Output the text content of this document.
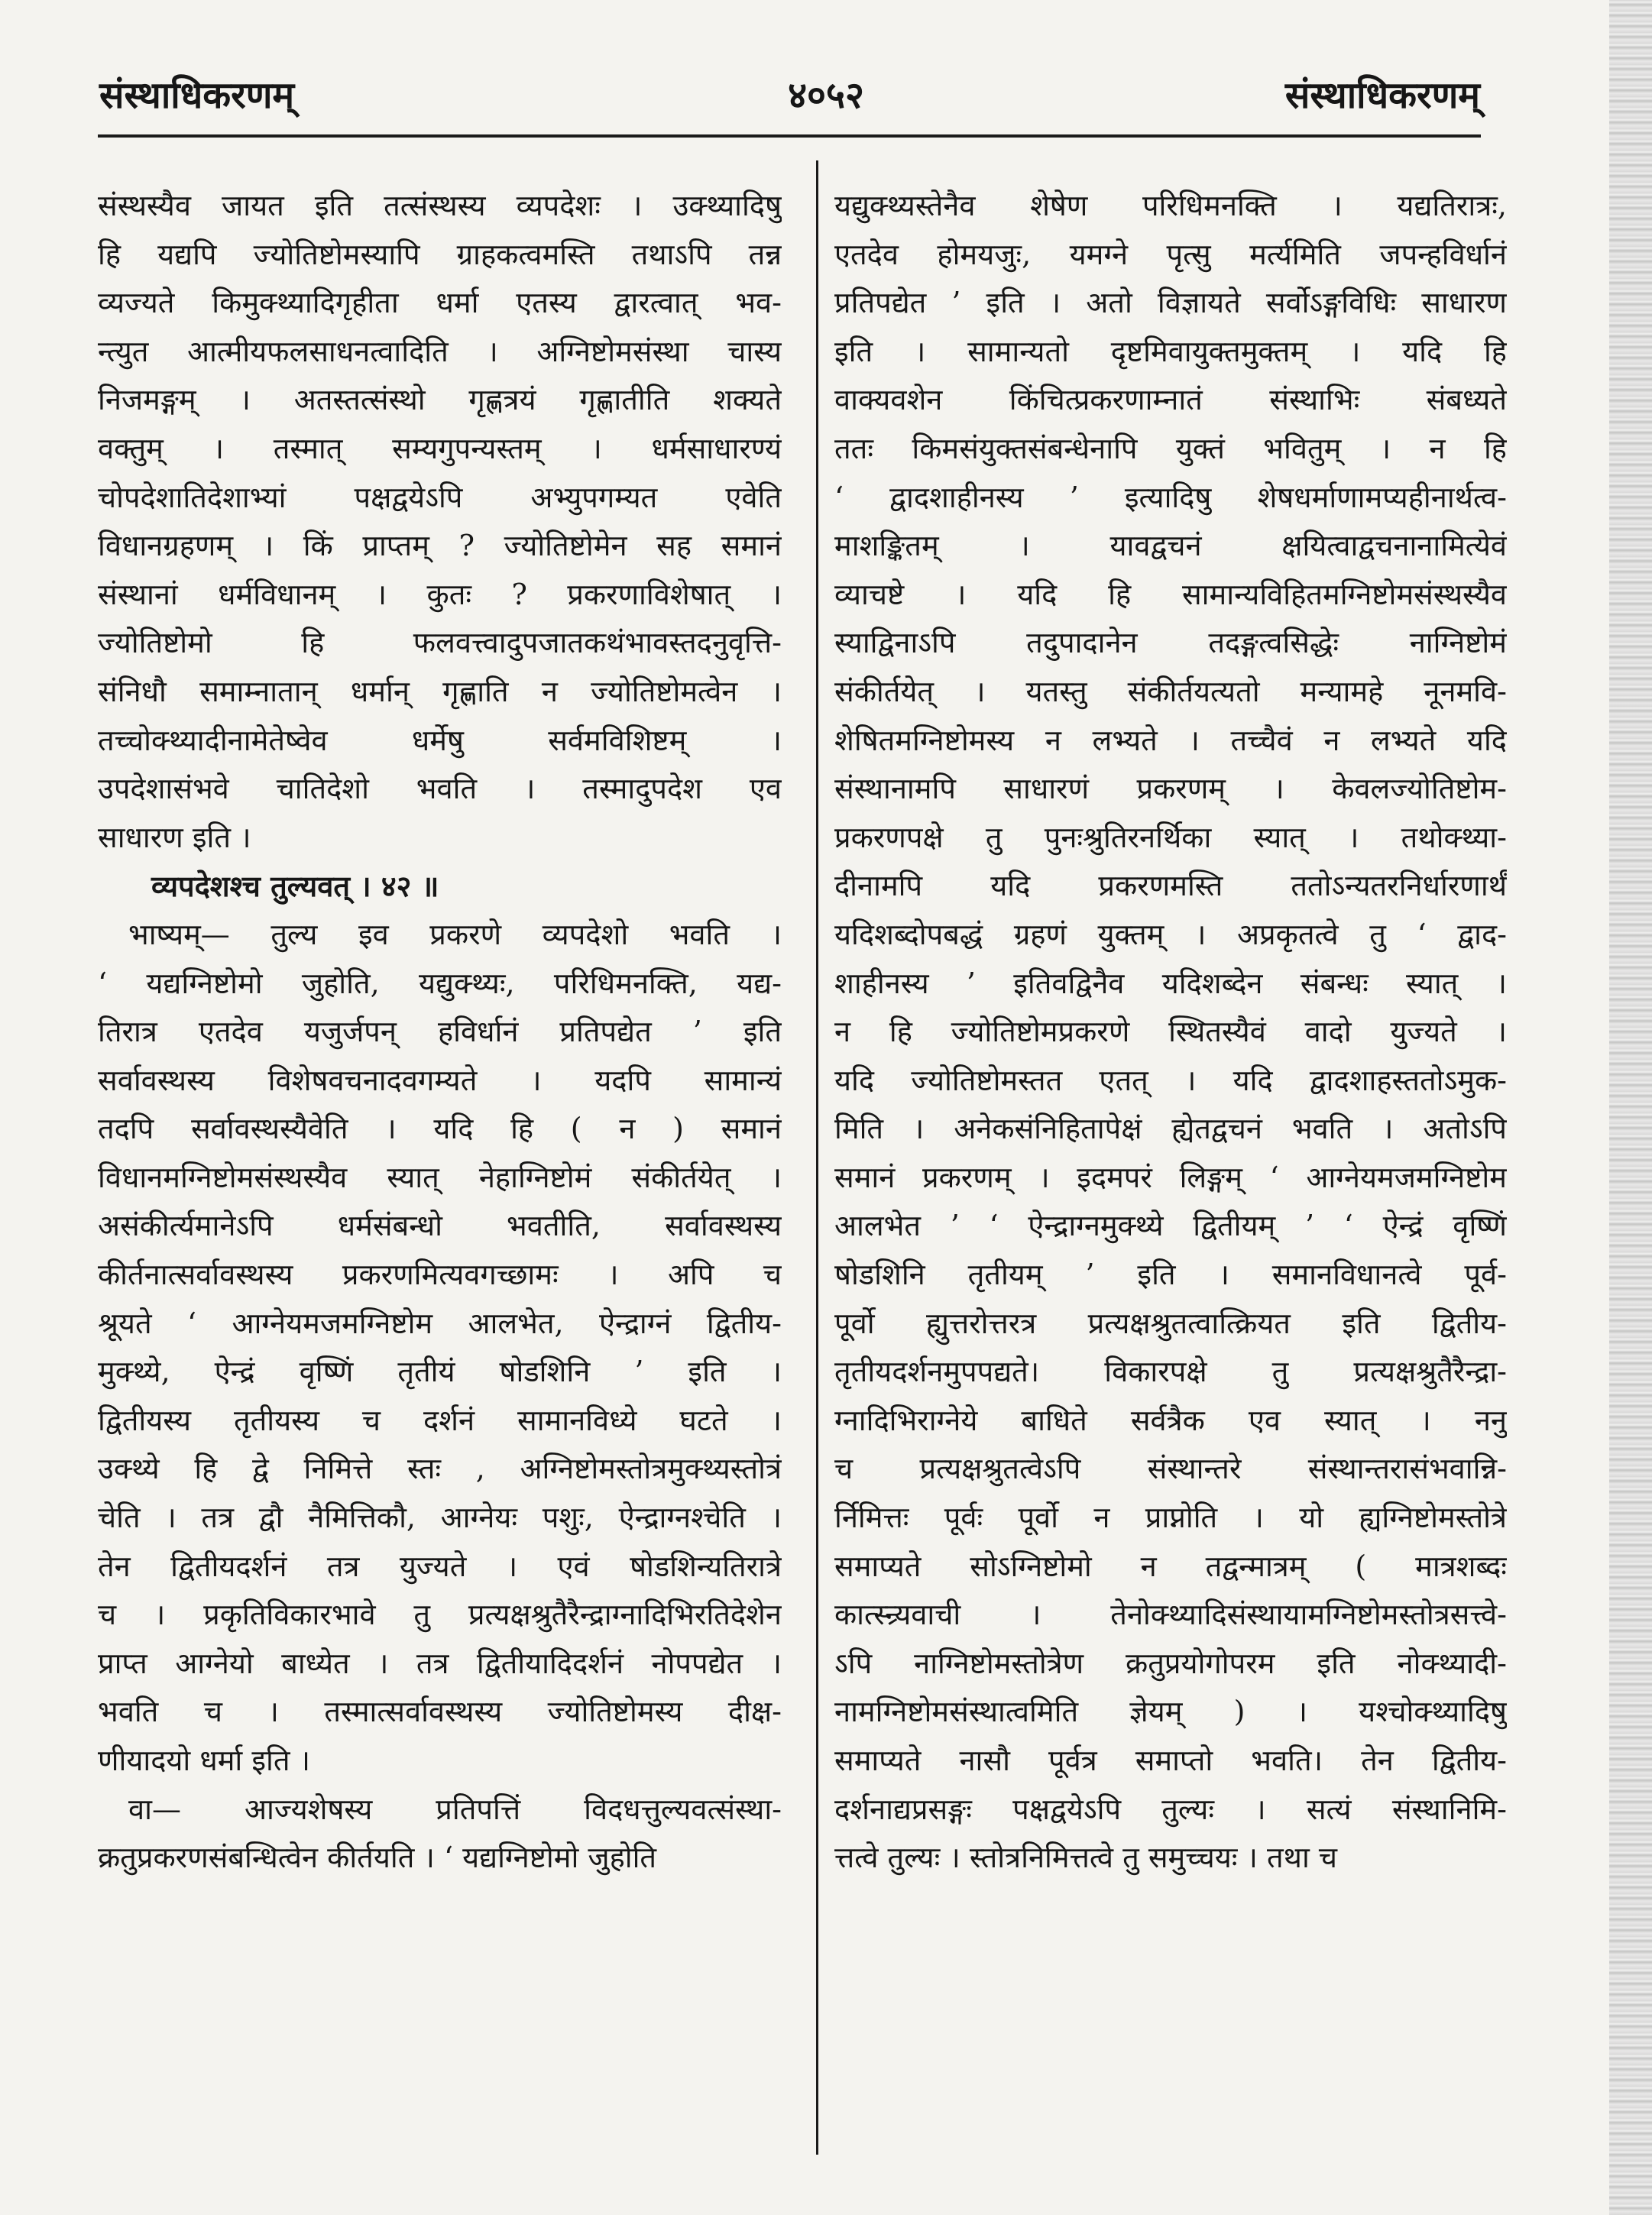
संस्थाधिकरणम्	४०५२	संस्थाधिकरणम्
संस्थस्यैव जायत इति तत्संस्थस्य व्यपदेशः । उक्थ्यादिषु
हि यद्यपि ज्योतिष्टोमस्यापि ग्राहकत्वमस्ति तथाऽपि तन्न
व्यज्यते किमुक्थ्यादिगृहीता धर्मा एतस्य द्वारत्वात् भव-
न्त्युत आत्मीयफलसाधनत्वादिति । अग्निष्टोमसंस्था चास्य
निजमङ्गम् । अतस्तत्संस्थो गृह्णत्रयं गृह्णातीति शक्यते
वक्तुम् । तस्मात् सम्यगुपन्यस्तम् । धर्मसाधारण्यं
चोपदेशातिदेशाभ्यां पक्षद्वयेऽपि अभ्युपगम्यत एवेति
विधानग्रहणम् । किं प्राप्तम् ? ज्योतिष्टोमेन सह समानं
संस्थानां धर्मविधानम् । कुतः ? प्रकरणाविशेषात् ।
ज्योतिष्टोमो हि फलवत्त्वादुपजातकथंभावस्तदनुवृत्ति-
संनिधौ समाम्नातान् धर्मान् गृह्णाति न ज्योतिष्टोमत्वेन ।
तच्चोक्थ्यादीनामेतेष्वेव धर्मेषु सर्वमविशिष्टम् ।
उपदेशासंभवे चातिदेशो भवति । तस्मादुपदेश एव
साधारण इति ।
व्यपदेशश्च तुल्यवत् । ४२ ॥
भाष्यम्— तुल्य इव प्रकरणे व्यपदेशो भवति ।
‘ यद्यग्निष्टोमो जुहोति, यद्युक्थ्यः, परिधिमनक्ति, यद्य-
तिरात्र एतदेव यजुर्जपन् हविर्धानं प्रतिपद्येत ’ इति
सर्वावस्थस्य विशेषवचनादवगम्यते । यदपि सामान्यं
तदपि सर्वावस्थस्यैवेति । यदि हि ( न ) समानं
विधानमग्निष्टोमसंस्थस्यैव स्यात् नेहाग्निष्टोमं संकीर्तयेत् ।
असंकीर्त्यमानेऽपि धर्मसंबन्धो भवतीति, सर्वावस्थस्य
कीर्तनात्सर्वावस्थस्य प्रकरणमित्यवगच्छामः । अपि च
श्रूयते ‘ आग्नेयमजमग्निष्टोम आलभेत, ऐन्द्राग्नं द्वितीय-
मुक्थ्ये, ऐन्द्रं वृष्णिं तृतीयं षोडशिनि ’ इति ।
द्वितीयस्य तृतीयस्य च दर्शनं सामानविध्ये घटते ।
उक्थ्ये हि द्वे निमित्ते स्तः , अग्निष्टोमस्तोत्रमुक्थ्यस्तोत्रं
चेति । तत्र द्वौ नैमित्तिकौ, आग्नेयः पशुः, ऐन्द्राग्नश्चेति ।
तेन द्वितीयदर्शनं तत्र युज्यते । एवं षोडशिन्यतिरात्रे
च । प्रकृतिविकारभावे तु प्रत्यक्षश्रुतैरैन्द्राग्नादिभिरतिदेशेन
प्राप्त आग्नेयो बाध्येत । तत्र द्वितीयादिदर्शनं नोपपद्येत ।
भवति च । तस्मात्सर्वावस्थस्य ज्योतिष्टोमस्य दीक्ष-
णीयादयो धर्मा इति ।
वा— आज्यशेषस्य प्रतिपत्तिं विदधत्तुल्यवत्संस्था-
क्रतुप्रकरणसंबन्धित्वेन कीर्तयति । ‘ यद्यग्निष्टोमो जुहोति
यद्युक्थ्यस्तेनैव शेषेण परिधिमनक्ति । यद्यतिरात्रः,
एतदेव होमयजुः, यमग्ने पृत्सु मर्त्यमिति जपन्हविर्धानं
प्रतिपद्येत ’ इति । अतो विज्ञायते सर्वोऽङ्गविधिः साधारण
इति । सामान्यतो दृष्टमिवायुक्तमुक्तम् । यदि हि
वाक्यवशेन किंचित्प्रकरणाम्नातं संस्थाभिः संबध्यते
ततः किमसंयुक्तसंबन्धेनापि युक्तं भवितुम् । न हि
‘ द्वादशाहीनस्य ’ इत्यादिषु शेषधर्माणामप्यहीनार्थत्व-
माशङ्कितम् । यावद्वचनं क्षयित्वाद्वचनानामित्येवं
व्याचष्टे । यदि हि सामान्यविहितमग्निष्टोमसंस्थस्यैव
स्याद्विनाऽपि तदुपादानेन तदङ्गत्वसिद्धेः नाग्निष्टोमं
संकीर्तयेत् । यतस्तु संकीर्तयत्यतो मन्यामहे नूनमवि-
शेषितमग्निष्टोमस्य न लभ्यते । तच्चैवं न लभ्यते यदि
संस्थानामपि साधारणं प्रकरणम् । केवलज्योतिष्टोम-
प्रकरणपक्षे तु पुनःश्रुतिरनर्थिका स्यात् । तथोक्थ्या-
दीनामपि यदि प्रकरणमस्ति ततोऽन्यतरनिर्धारणार्थं
यदिशब्दोपबद्धं ग्रहणं युक्तम् । अप्रकृतत्वे तु ‘ द्वाद-
शाहीनस्य ’ इतिवद्विनैव यदिशब्देन संबन्धः स्यात् ।
न हि ज्योतिष्टोमप्रकरणे स्थितस्यैवं वादो युज्यते ।
यदि ज्योतिष्टोमस्तत एतत् । यदि द्वादशाहस्ततोऽमुक-
मिति । अनेकसंनिहितापेक्षं ह्येतद्वचनं भवति । अतोऽपि
समानं प्रकरणम् । इदमपरं लिङ्गम् ‘ आग्नेयमजमग्निष्टोम
आलभेत ’ ‘ ऐन्द्राग्नमुक्थ्ये द्वितीयम् ’ ‘ ऐन्द्रं वृष्णिं
षोडशिनि तृतीयम् ’ इति । समानविधानत्वे पूर्व-
पूर्वो ह्युत्तरोत्तरत्र प्रत्यक्षश्रुतत्वात्क्रियत इति द्वितीय-
तृतीयदर्शनमुपपद्यते। विकारपक्षे तु प्रत्यक्षश्रुतैरैन्द्रा-
ग्नादिभिराग्नेये बाधिते सर्वत्रैक एव स्यात् । ननु
च प्रत्यक्षश्रुतत्वेऽपि संस्थान्तरे संस्थान्तरासंभवान्नि-
र्निमित्तः पूर्वः पूर्वो न प्राप्नोति । यो ह्यग्निष्टोमस्तोत्रे
समाप्यते सोऽग्निष्टोमो न तद्वन्मात्रम् ( मात्रशब्दः
कात्स्न्र्यवाची । तेनोक्थ्यादिसंस्थायामग्निष्टोमस्तोत्रसत्त्वे-
ऽपि नाग्निष्टोमस्तोत्रेण क्रतुप्रयोगोपरम इति नोक्थ्यादी-
नामग्निष्टोमसंस्थात्वमिति ज्ञेयम् ) । यश्चोक्थ्यादिषु
समाप्यते नासौ पूर्वत्र समाप्तो भवति। तेन द्वितीय-
दर्शनाद्यप्रसङ्गः पक्षद्वयेऽपि तुल्यः । सत्यं संस्थानिमि-
त्तत्वे तुल्यः । स्तोत्रनिमित्तत्वे तु समुच्चयः । तथा च
